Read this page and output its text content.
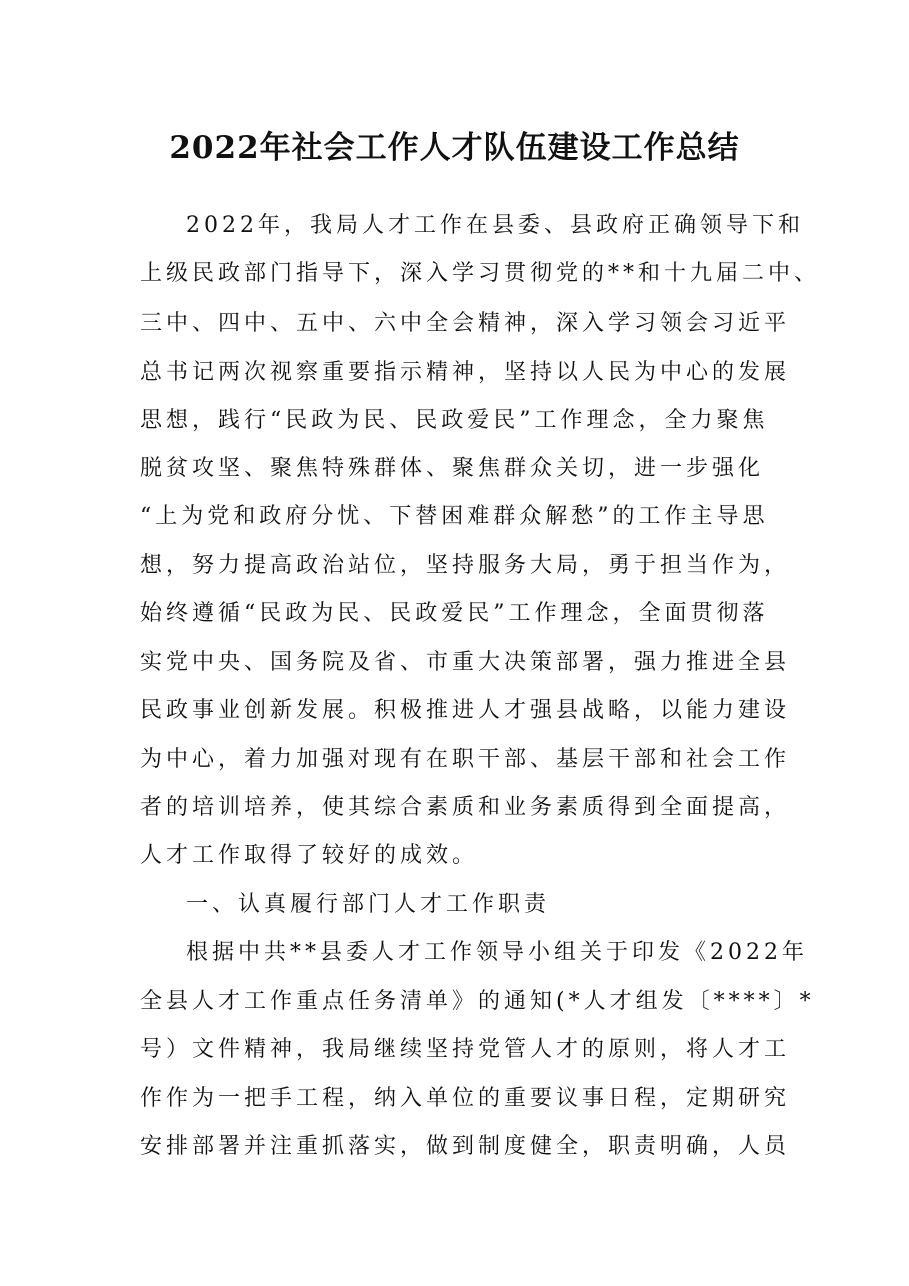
2022年社会工作人才队伍建设工作总结

2022年，我局人才工作在县委、县政府正确领导下和

上级民政部门指导下，深入学习贯彻党的**和十九届二中、

三中、四中、五中、六中全会精神，深入学习领会习近平

总书记两次视察重要指示精神，坚持以人民为中心的发展

思想，践行“民政为民、民政爱民”工作理念，全力聚焦

脱贫攻坚、聚焦特殊群体、聚焦群众关切，进一步强化

“上为党和政府分忧、下替困难群众解愁”的工作主导思

想，努力提高政治站位，坚持服务大局，勇于担当作为，

始终遵循“民政为民、民政爱民”工作理念，全面贯彻落

实党中央、国务院及省、市重大决策部署，强力推进全县

民政事业创新发展。积极推进人才强县战略，以能力建设

为中心，着力加强对现有在职干部、基层干部和社会工作

者的培训培养，使其综合素质和业务素质得到全面提高，

人才工作取得了较好的成效。

一、认真履行部门人才工作职责

根据中共**县委人才工作领导小组关于印发《2022年

全县人才工作重点任务清单》的通知(*人才组发〔****〕*

号）文件精神，我局继续坚持党管人才的原则，将人才工

作作为一把手工程，纳入单位的重要议事日程，定期研究

安排部署并注重抓落实，做到制度健全，职责明确，人员
